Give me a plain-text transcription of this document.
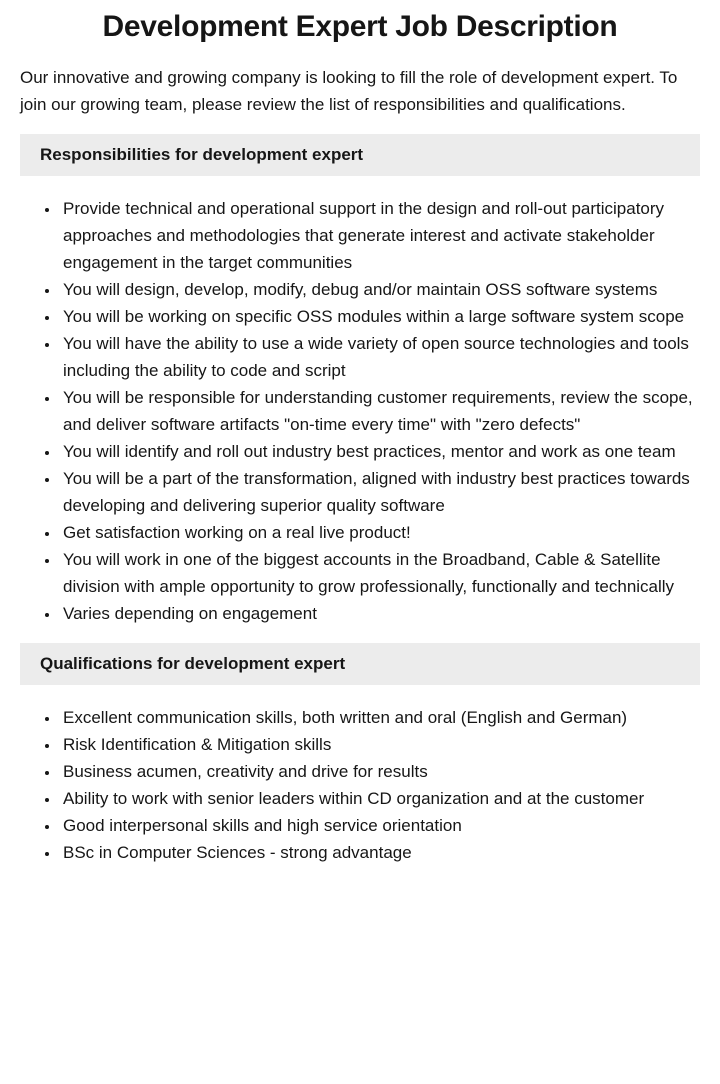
Development Expert Job Description

Our innovative and growing company is looking to fill the role of development expert. To join our growing team, please review the list of responsibilities and qualifications.

Responsibilities for development expert
• Provide technical and operational support in the design and roll-out participatory approaches and methodologies that generate interest and activate stakeholder engagement in the target communities
• You will design, develop, modify, debug and/or maintain OSS software systems
• You will be working on specific OSS modules within a large software system scope
• You will have the ability to use a wide variety of open source technologies and tools including the ability to code and script
• You will be responsible for understanding customer requirements, review the scope, and deliver software artifacts "on-time every time" with "zero defects"
• You will identify and roll out industry best practices, mentor and work as one team
• You will be a part of the transformation, aligned with industry best practices towards developing and delivering superior quality software
• Get satisfaction working on a real live product!
• You will work in one of the biggest accounts in the Broadband, Cable & Satellite division with ample opportunity to grow professionally, functionally and technically
• Varies depending on engagement
Qualifications for development expert
• Excellent communication skills, both written and oral (English and German)
• Risk Identification & Mitigation skills
• Business acumen, creativity and drive for results
• Ability to work with senior leaders within CD organization and at the customer
• Good interpersonal skills and high service orientation
• BSc in Computer Sciences - strong advantage
